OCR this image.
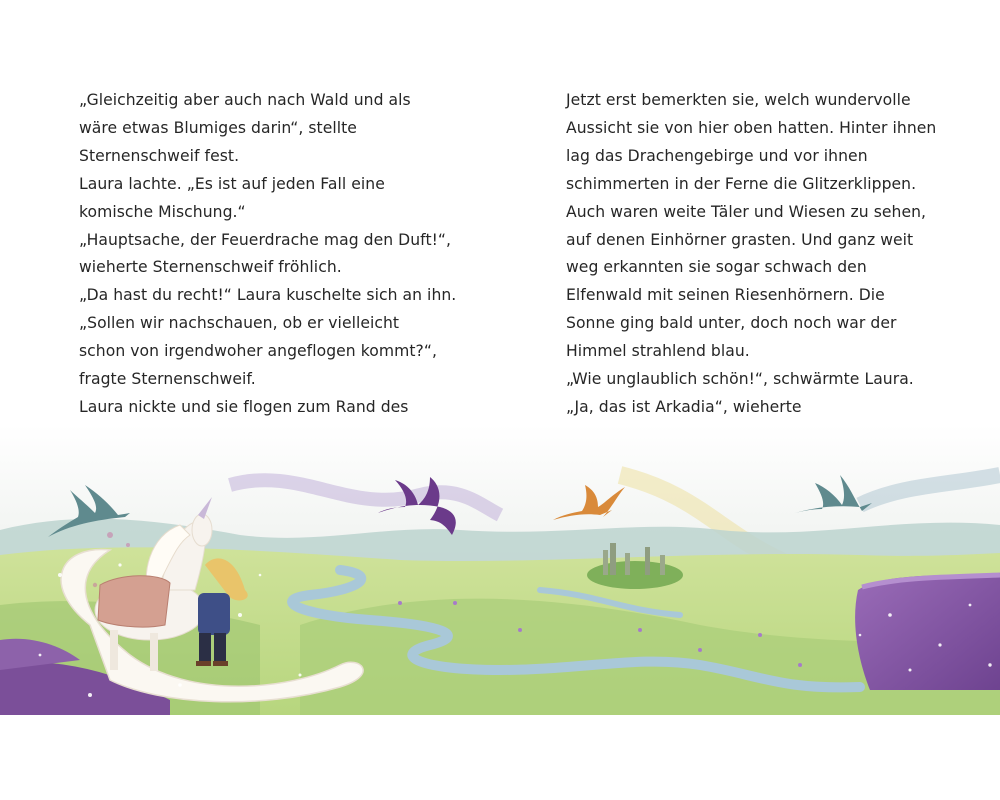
„Gleichzeitig aber auch nach Wald und als
wäre etwas Blumiges darin“, stellte
Sternenschweif fest.
Laura lachte. „Es ist auf jeden Fall eine
komische Mischung.“
„Hauptsache, der Feuerdrache mag den Duft!“,
wieherte Sternenschweif fröhlich.
„Da hast du recht!“ Laura kuschelte sich an ihn.
„Sollen wir nachschauen, ob er vielleicht
schon von irgendwoher angeflogen kommt?“,
fragte Sternenschweif.
Laura nickte und sie flogen zum Rand des
Jetzt erst bemerkten sie, welch wundervolle
Aussicht sie von hier oben hatten. Hinter ihnen
lag das Drachengebirge und vor ihnen
schimmerten in der Ferne die Glitzerklippen.
Auch waren weite Täler und Wiesen zu sehen,
auf denen Einhörner grasten. Und ganz weit
weg erkannten sie sogar schwach den
Elfenwald mit seinen Riesenhörnern. Die
Sonne ging bald unter, doch noch war der
Himmel strahlend blau.
„Wie unglaublich schön!“, schwärmte Laura.
„Ja, das ist Arkadia“, wieherte
